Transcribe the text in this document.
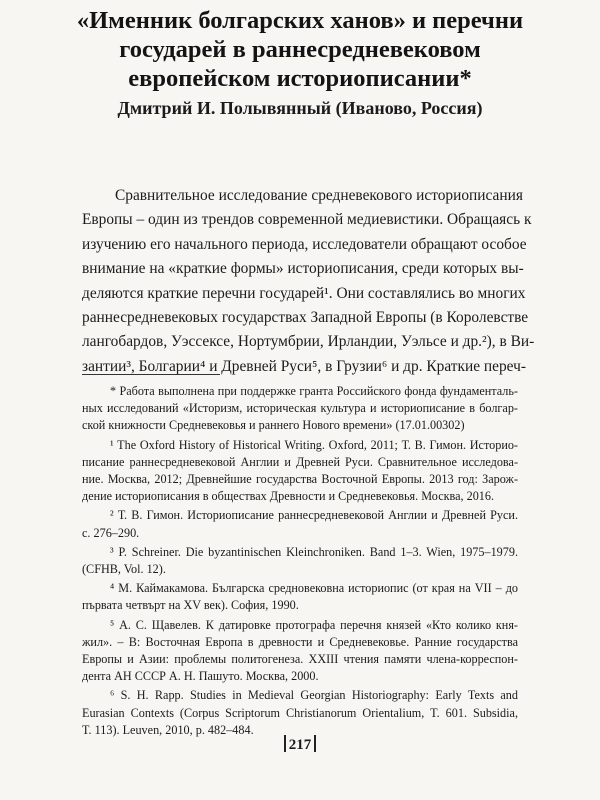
«Именник болгарских ханов» и перечни
государей в раннесредневековом
европейском историописании*

Дмитрий И. Полывянный (Иваново, Россия)

Сравнительное исследование средневекового историописания
Европы – один из трендов современной медиевистики. Обращаясь к
изучению его начального периода, исследователи обращают особое
внимание на «краткие формы» историописания, среди которых вы-
деляются краткие перечни государей¹. Они составлялись во многих
раннесредневековых государствах Западной Европы (в Королевстве
лангобардов, Уэссексе, Нортумбрии, Ирландии, Уэльсе и др.²), в Ви-
зантии³, Болгарии⁴ и Древней Руси⁵, в Грузии⁶ и др. Краткие переч-
* Работа выполнена при поддержке гранта Российского фонда фундаменталь-
ных исследований «Историзм, историческая культура и историописание в болгар-
ской книжности Средневековья и раннего Нового времени» (17.01.00302)
¹ The Oxford History of Historical Writing. Oxford, 2011; Т. В. Гимон. Историо-
писание раннесредневековой Англии и Древней Руси. Сравнительное исследова-
ние. Москва, 2012; Древнейшие государства Восточной Европы. 2013 год: Зарож-
дение историописания в обществах Древности и Средневековья. Москва, 2016.
² Т. В. Гимон. Историописание раннесредневековой Англии и Древней Руси.
с. 276–290.
³ P. Schreiner. Die byzantinischen Kleinchroniken. Band 1–3. Wien, 1975–1979.
(CFHB, Vol. 12).
⁴ М. Каймакамова. Българска средновековна историопис (от края на VII – до
първата четвърт на XV век). София, 1990.
⁵ А. С. Щавелев. К датировке протографа перечня князей «Кто колико кня-
жил». – В: Восточная Европа в древности и Средневековье. Ранние государства
Европы и Азии: проблемы политогенеза. XXIII чтения памяти члена-корреспон-
дента АН СССР А. Н. Пашуто. Москва, 2000.
⁶ S. H. Rapp. Studies in Medieval Georgian Historiography: Early Texts and
Eurasian Contexts (Corpus Scriptorum Christianorum Orientalium, T. 601. Subsidia,
T. 113). Leuven, 2010, p. 482–484.
217
